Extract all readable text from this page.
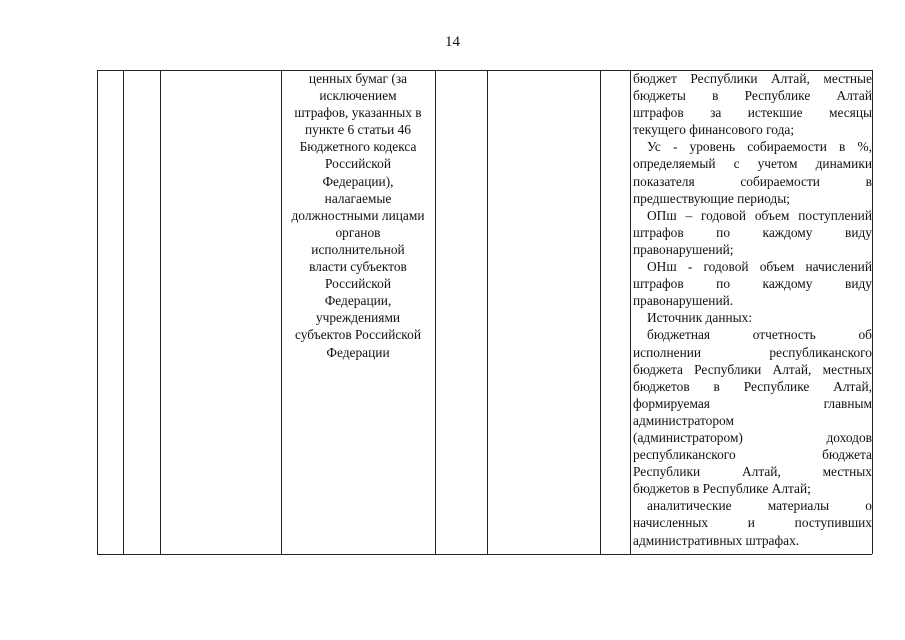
14
ценных бумаг (за
исключением
штрафов, указанных в
пункте 6 статьи 46
Бюджетного кодекса
Российской
Федерации),
налагаемые
должностными лицами
органов
исполнительной
власти субъектов
Российской
Федерации,
учреждениями
субъектов Российской
Федерации
бюджет Республики Алтай, местные
бюджеты в Республике Алтай
штрафов за истекшие месяцы
текущего финансового года;
Ус - уровень собираемости в %,
определяемый с учетом динамики
показателя собираемости в
предшествующие периоды;
ОПш – годовой объем поступлений
штрафов по каждому виду
правонарушений;
ОНш - годовой объем начислений
штрафов по каждому виду
правонарушений.
Источник данных:
бюджетная отчетность об
исполнении республиканского
бюджета Республики Алтай, местных
бюджетов в Республике Алтай,
формируемая главным
администратором
(администратором) доходов
республиканского бюджета
Республики Алтай, местных
бюджетов в Республике Алтай;
аналитические материалы о
начисленных и поступивших
административных штрафах.
